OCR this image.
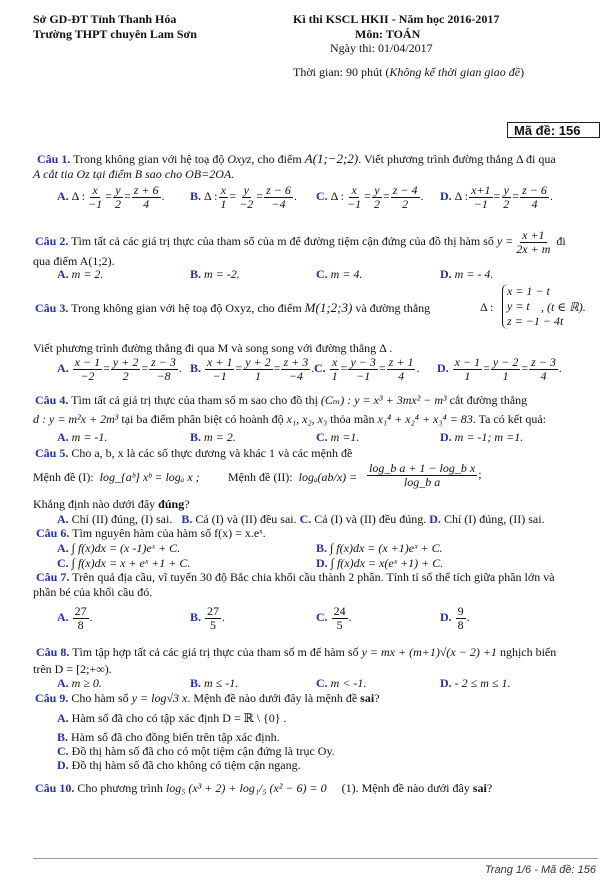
Sở GD-ĐT Tỉnh Thanh Hóa
Trường THPT chuyên Lam Sơn
Kì thi KSCL HKII - Năm học 2016-2017
Môn: TOÁN
Ngày thi: 01/04/2017
Thời gian: 90 phút (Không kể thời gian giao đề)
Mã đề: 156
Câu 1. Trong không gian với hệ toạ độ Oxyz, cho điểm A(1;−2;2). Viết phương trình đường thẳng Δ đi qua
A cắt tia Oz tại điểm B sao cho OB=2OA.
A. Δ : $\frac{x}{-1} = \frac{y}{2} = \frac{z + 6}{4}$ . B. Δ : $\frac{x}{1} = \frac{y}{-2} = \frac{z - 6}{-4}$ . C. Δ : $\frac{x}{-1} = \frac{y}{2} = \frac{z - 4}{2}$ . D. Δ : $\frac{x+1}{-1} = \frac{y}{2} = \frac{z - 6}{4}$ .
Câu 2. Tìm tất cả các giá trị thực của tham số của m để đường tiệm cận đứng của đồ thị hàm số $y = \frac{x +1}{2x + m}$ đi
qua điểm A(1;2).
A. m = 2.	B. m = -2.	C. m = 4.	D. m = - 4.
Câu 3. Trong không gian với hệ toạ độ Oxyz, cho điểm M(1;2;3) và đường thẳng	Δ :
x = 1 − t
y = t
z = −1 − 4t
, (t ∈ ℝ).
Viết phương trình đường thẳng đi qua M và song song với đường thẳng Δ .
A. $\frac{x - 1}{-2} = \frac{y + 2}{2} = \frac{z - 3}{-8}$ . B. $\frac{x + 1}{-1} = \frac{y + 2}{1} = \frac{z + 3}{-4}$ . C. $\frac{x}{1} = \frac{y - 3}{-1} = \frac{z + 1}{4}$ . D. $\frac{x - 1}{1} = \frac{y - 2}{1} = \frac{z - 3}{4}$ .
Câu 4. Tìm tất cả giá trị thực của tham số m sao cho đồ thị (Cₘ) : y = x³ + 3mx² − m³ cắt đường thẳng
d : y = m²x + 2m³ tại ba điểm phân biệt có hoành độ x₁, x₂, x₃ thỏa mãn x₁⁴ + x₂⁴ + x₃⁴ = 83. Ta có kết quả:
A. m = -1.	B. m = 2.	C. m =1.	D. m = -1; m =1.
Câu 5. Cho a, b, x là các số thực dương và khác 1 và các mệnh đề
Mệnh đề (I): log_{aᵇ} xᵇ = logₐ x ; Mệnh đề (II): $\log_a(ab/x) = \frac{\text{log\_b a + 1 − log\_b x}}{\text{log\_b a}}$ ;
Khẳng định nào dưới đây đúng?
A. Chỉ (II) đúng, (I) sai. B. Cả (I) và (II) đều sai. C. Cả (I) và (II) đều đúng. D. Chỉ (I) đúng, (II) sai.
Câu 6. Tìm nguyên hàm của hàm số f(x) = x.eˣ.
A. ∫ f(x)dx = (x -1)eˣ + C.	B. ∫ f(x)dx = (x +1)eˣ + C.
C. ∫ f(x)dx = x + eˣ +1 + C.	D. ∫ f(x)dx = x(eˣ +1) + C.
Câu 7. Trên quả địa cầu, vĩ tuyến 30 độ Bắc chia khối cầu thành 2 phần. Tính tỉ số thể tích giữa phần lớn và
phần bé của khối cầu đó.
A. $\frac{27}{8}$ .	B. $\frac{27}{5}$ .	C. $\frac{24}{5}$ .	D. $\frac{9}{8}$ .
Câu 8. Tìm tập hợp tất cả các giá trị thực của tham số m để hàm số y = mx + (m+1)√(x − 2) +1 nghịch biến
trên D = [2;+∞).
A. m ≥ 0.	B. m ≤ -1.	C. m < -1.	D. - 2 ≤ m ≤ 1.
Câu 9. Cho hàm số y = log√3 x. Mệnh đề nào dưới đây là mệnh đề sai?
A. Hàm số đã cho có tập xác định D = ℝ \ {0} .
B. Hàm số đã cho đồng biến trên tập xác định.
C. Đồ thị hàm số đã cho có một tiệm cận đứng là trục Oy.
D. Đồ thị hàm số đã cho không có tiệm cận ngang.
Câu 10. Cho phương trình log₅ (x³ + 2) + log₁/₅ (x² − 6) = 0 (1). Mệnh đề nào dưới đây sai?
Trang 1/6 - Mã đề: 156
